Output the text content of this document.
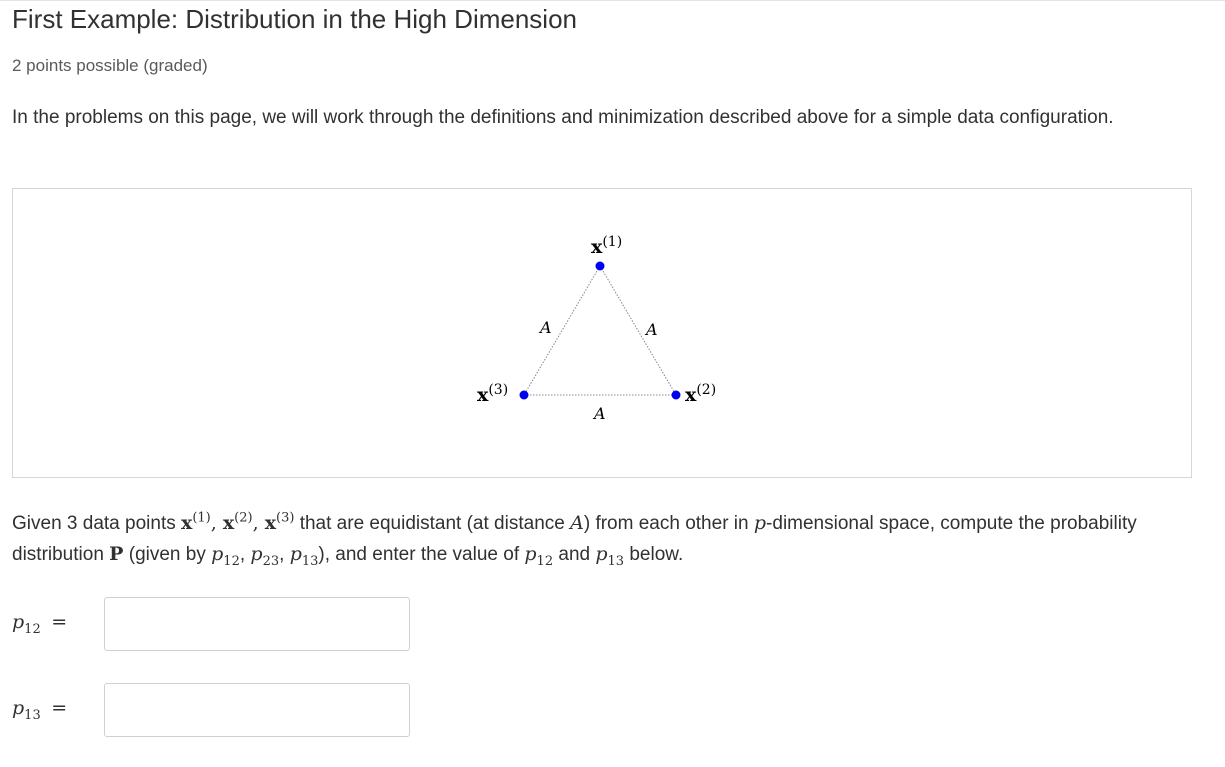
First Example: Distribution in the High Dimension
2 points possible (graded)
In the problems on this page, we will work through the definitions and minimization described above for a simple data configuration.
$x^{(1)}$
$x^{(2)}$
$x^{(3)}$
A	A
A
Given 3 data points $x^{(1)}$, $x^{(2)}$, $x^{(3)}$ that are equidistant (at distance A) from each other in p-dimensional space, compute the probability distribution P (given by $p_{12}$, $p_{23}$, $p_{13}$), and enter the value of $p_{12}$ and $p_{13}$ below.
$p_{12}$ =
$p_{13}$ =
